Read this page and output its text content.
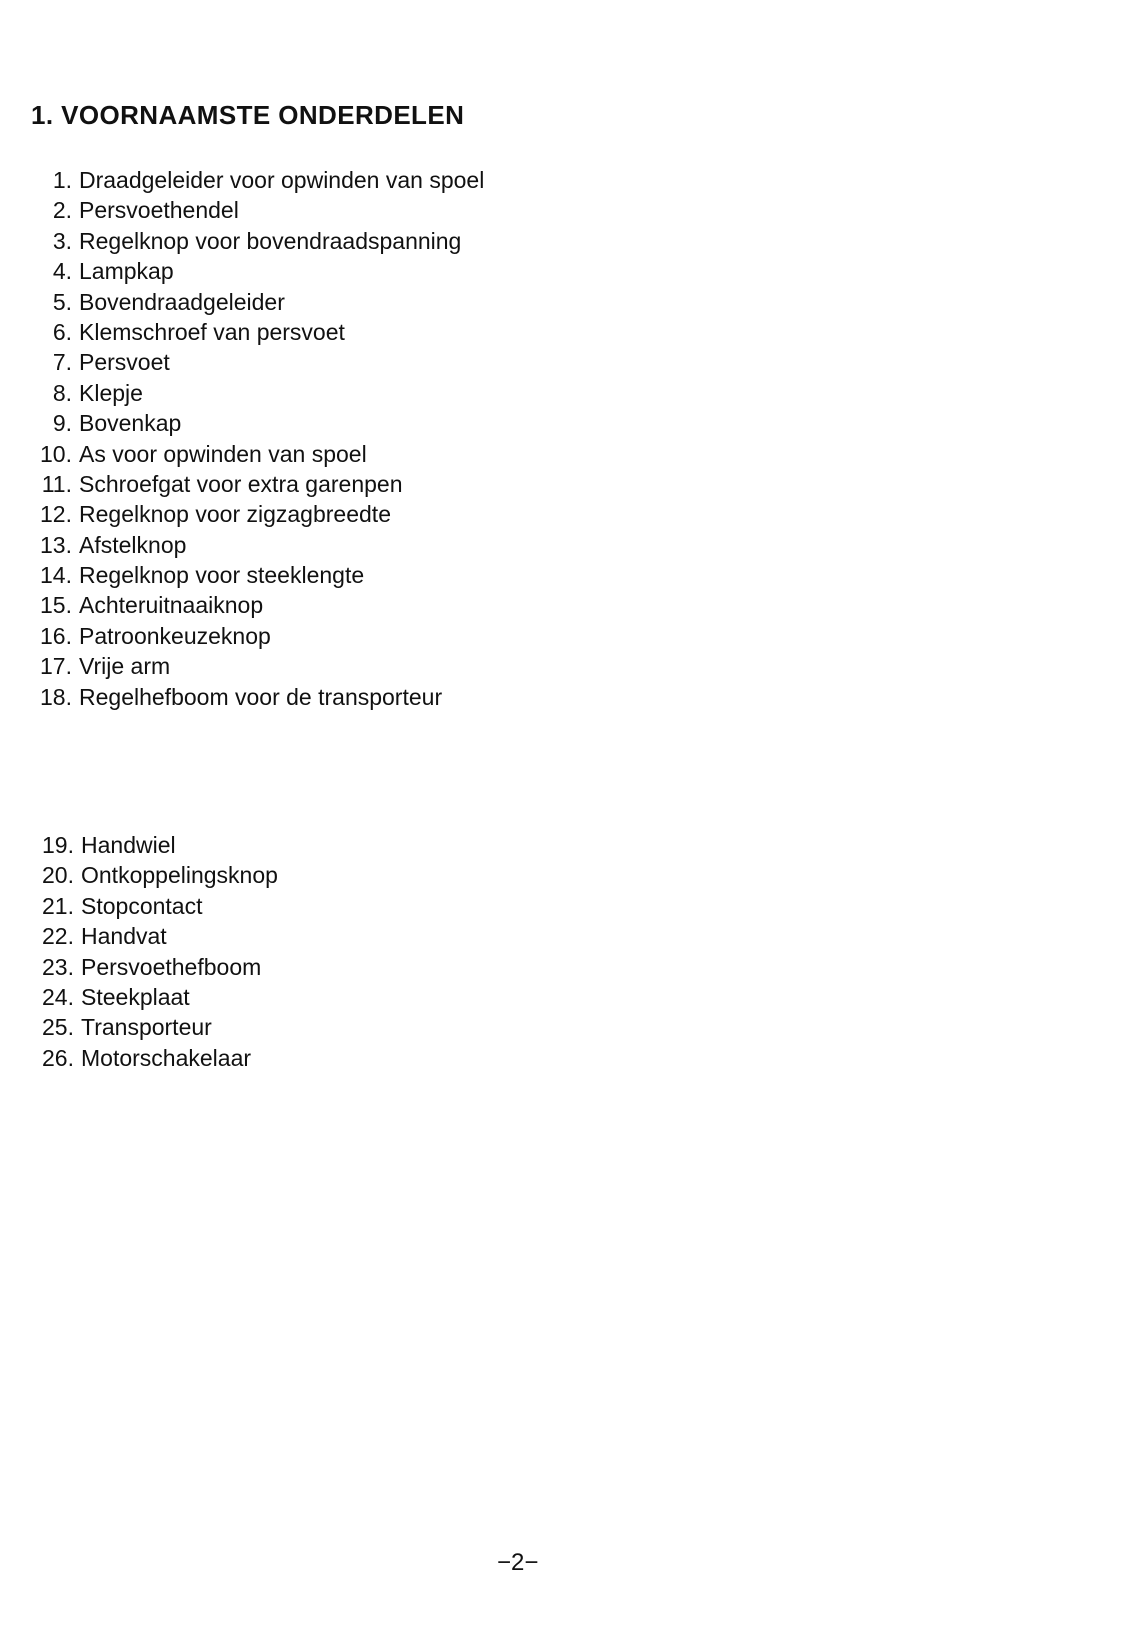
1. VOORNAAMSTE ONDERDELEN
1. Draadgeleider voor opwinden van spoel
2. Persvoethendel
3. Regelknop voor bovendraadspanning
4. Lampkap
5. Bovendraadgeleider
6. Klemschroef van persvoet
7. Persvoet
8. Klepje
9. Bovenkap
10. As voor opwinden van spoel
11. Schroefgat voor extra garenpen
12. Regelknop voor zigzagbreedte
13. Afstelknop
14. Regelknop voor steeklengte
15. Achteruitnaaiknop
16. Patroonkeuzeknop
17. Vrije arm
18. Regelhefboom voor de transporteur
19. Handwiel
20. Ontkoppelingsknop
21. Stopcontact
22. Handvat
23. Persvoethefboom
24. Steekplaat
25. Transporteur
26. Motorschakelaar
−2−
